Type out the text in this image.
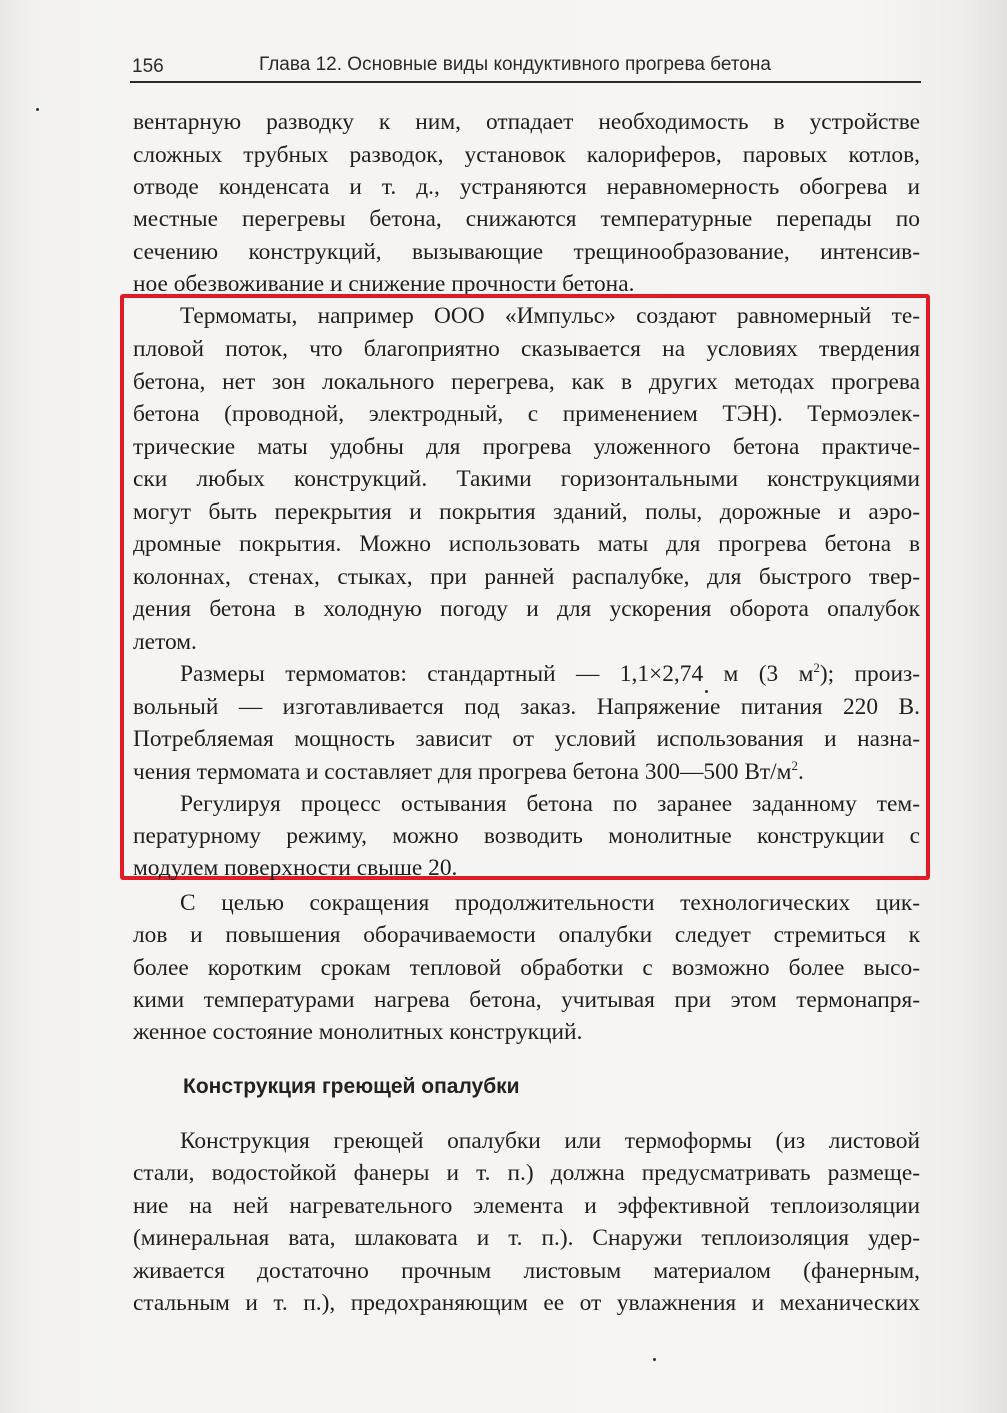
156	Глава 12. Основные виды кондуктивного прогрева бетона
вентарную разводку к ним, отпадает необходимость в устройстве
сложных трубных разводок, установок калориферов, паровых котлов,
отводе конденсата и т. д., устраняются неравномерность обогрева и
местные перегревы бетона, снижаются температурные перепады по
сечению конструкций, вызывающие трещинообразование, интенсив-
ное обезвоживание и снижение прочности бетона.
Термоматы, например ООО «Импульс» создают равномерный те-
пловой поток, что благоприятно сказывается на условиях твердения
бетона, нет зон локального перегрева, как в других методах прогрева
бетона (проводной, электродный, с применением ТЭН). Термоэлек-
трические маты удобны для прогрева уложенного бетона практиче-
ски любых конструкций. Такими горизонтальными конструкциями
могут быть перекрытия и покрытия зданий, полы, дорожные и аэро-
дромные покрытия. Можно использовать маты для прогрева бетона в
колоннах, стенах, стыках, при ранней распалубке, для быстрого твер-
дения бетона в холодную погоду и для ускорения оборота опалубок
летом.
Размеры термоматов: стандартный — 1,1×2,74 м (3 $м^2$); произ-
вольный — изготавливается под заказ. Напряжение питания 220 В.
Потребляемая мощность зависит от условий использования и назна-
чения термомата и составляет для прогрева бетона 300—500 $Вт/м^2$.
Регулируя процесс остывания бетона по заранее заданному тем-
пературному режиму, можно возводить монолитные конструкции с
модулем поверхности свыше 20.
С целью сокращения продолжительности технологических цик-
лов и повышения оборачиваемости опалубки следует стремиться к
более коротким срокам тепловой обработки с возможно более высо-
кими температурами нагрева бетона, учитывая при этом термонапря-
женное состояние монолитных конструкций.
Конструкция греющей опалубки
Конструкция греющей опалубки или термоформы (из листовой
стали, водостойкой фанеры и т. п.) должна предусматривать размеще-
ние на ней нагревательного элемента и эффективной теплоизоляции
(минеральная вата, шлаковата и т. п.). Снаружи теплоизоляция удер-
живается достаточно прочным листовым материалом (фанерным,
стальным и т. п.), предохраняющим ее от увлажнения и механических
